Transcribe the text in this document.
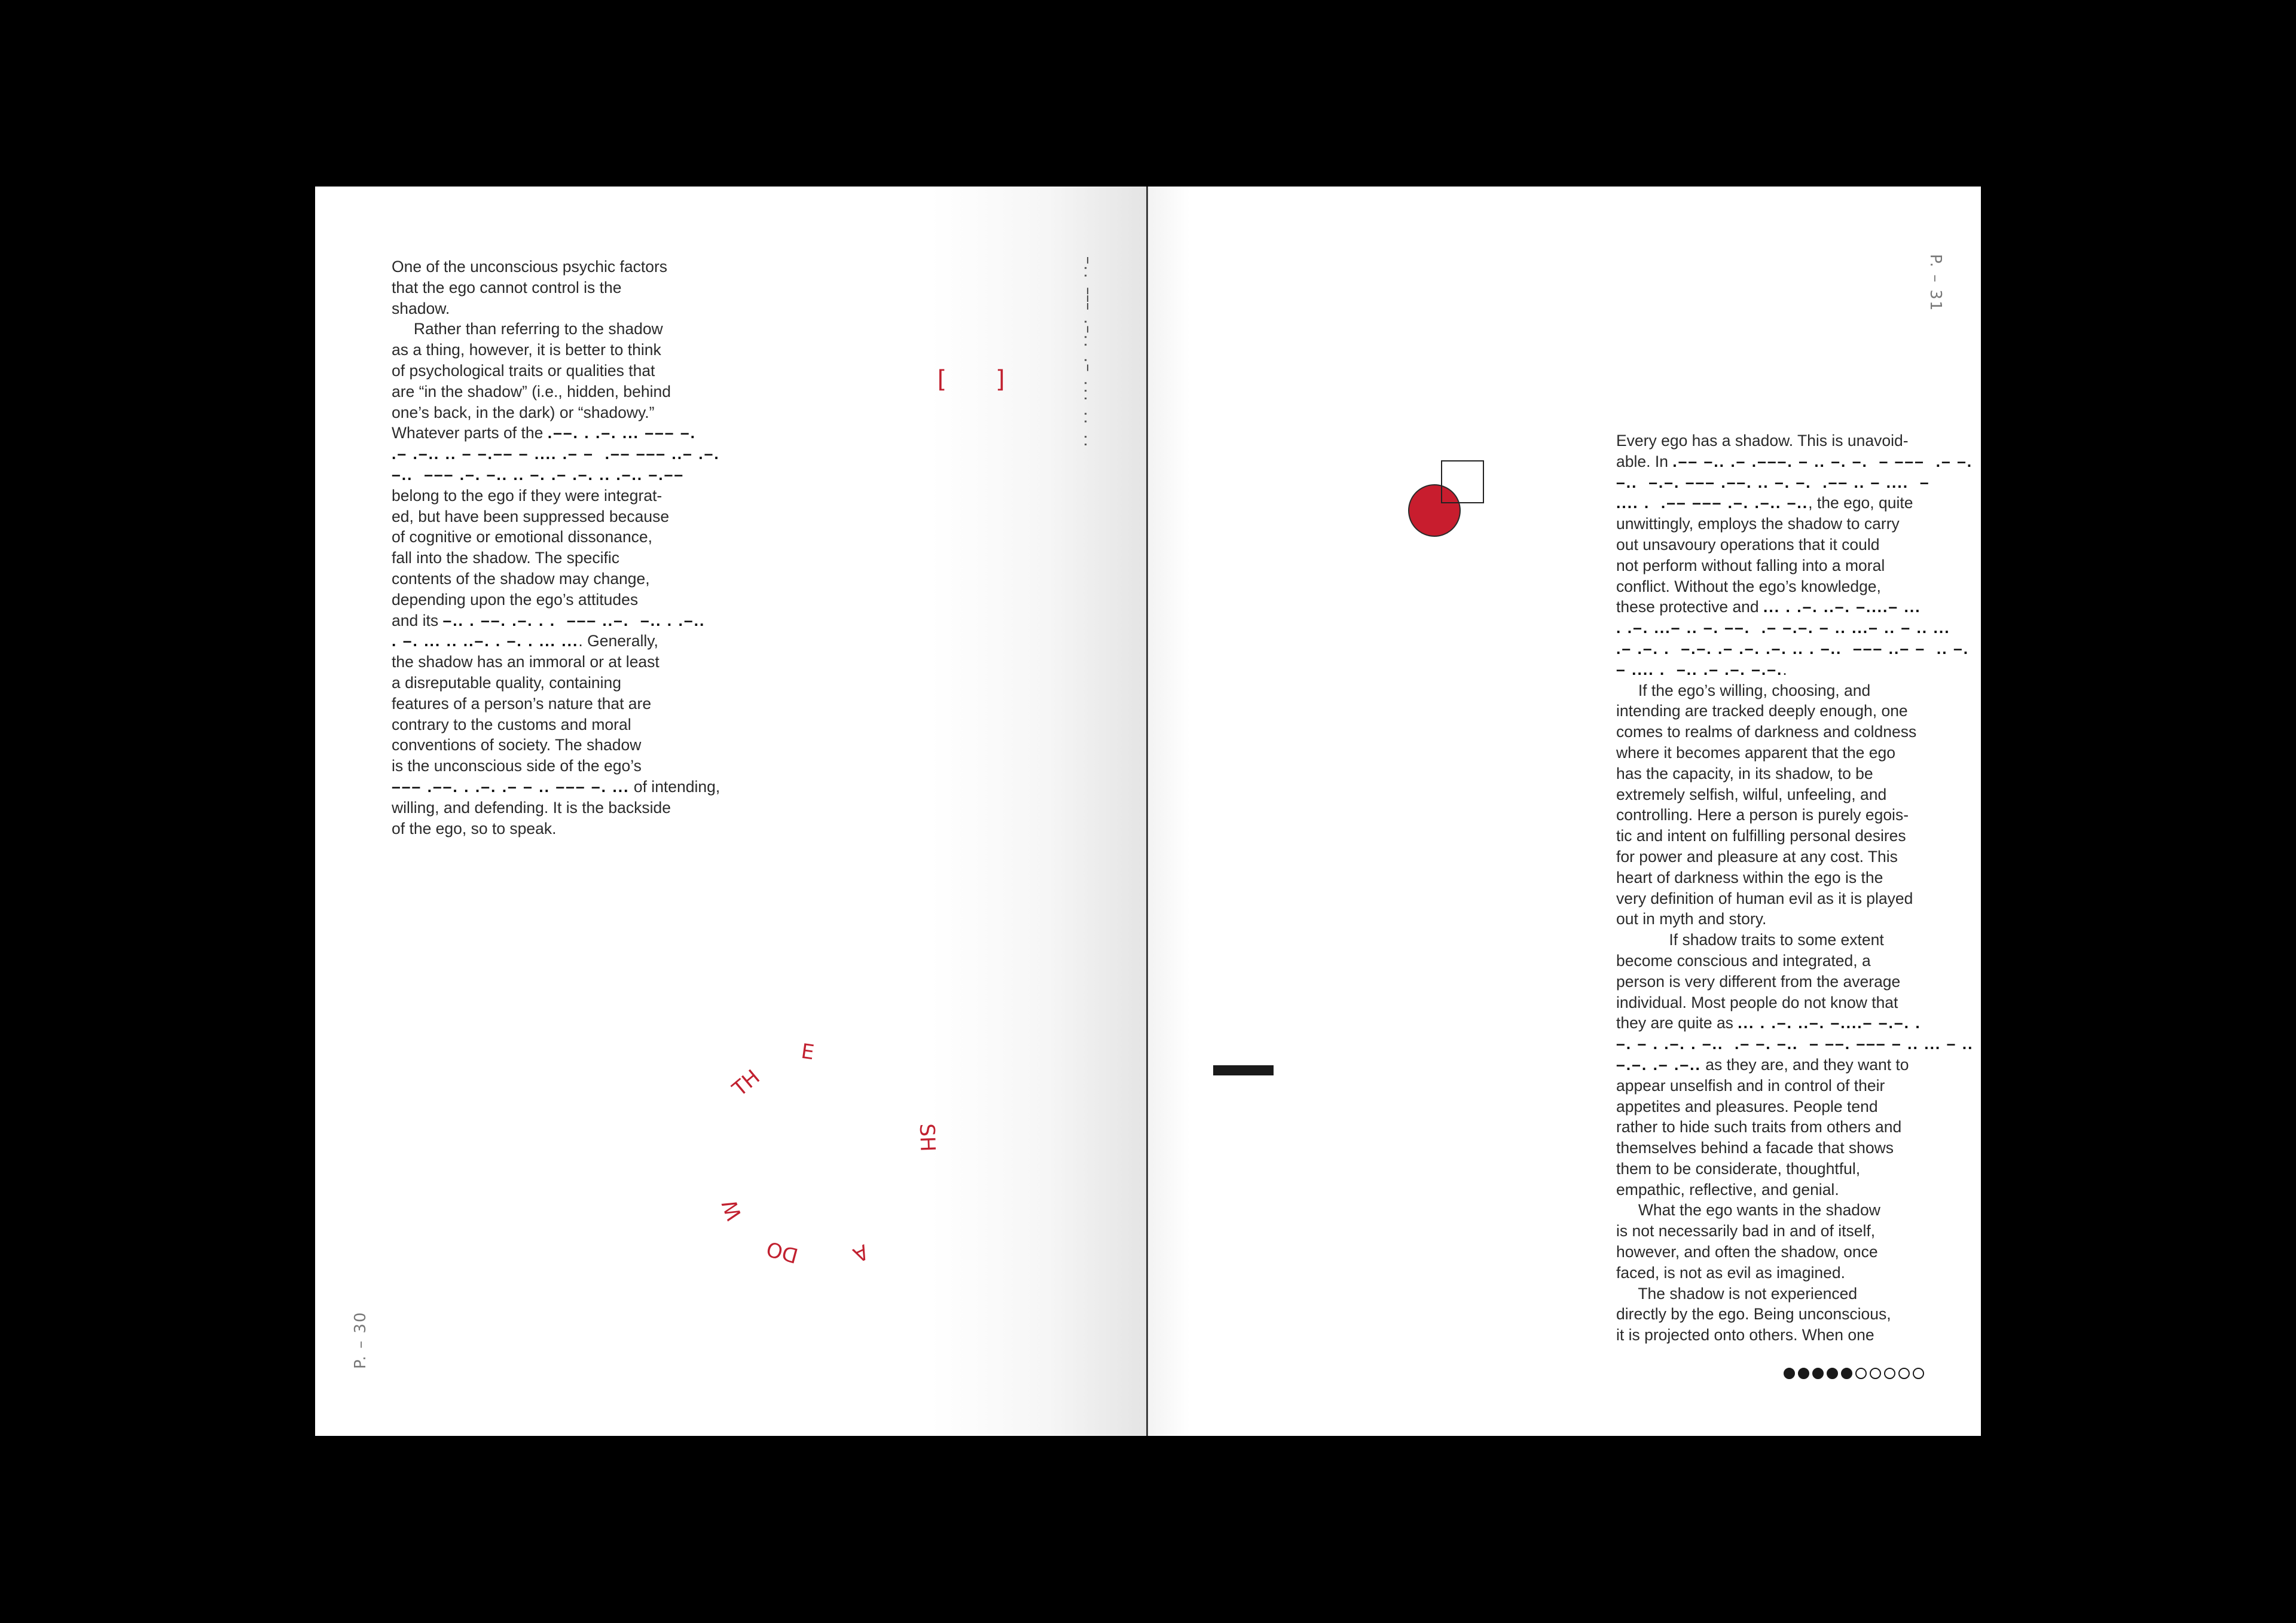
One of the unconscious psychic factors
that the ego cannot control is the
shadow.
Rather than referring to the shadow
as a thing, however, it is better to think
of psychological traits or qualities that
are “in the shadow” (i.e., hidden, behind
one’s back, in the dark) or “shadowy.”
Whatever parts of the .––. . .–. ... ––– –.
.– .–.. .. – –.–– – .... .– –  .–– ––– ..– .–.
–..  ––– .–. –.. .. –. .– .–. .. .–.. –.––
belong to the ego if they were integrat-
ed, but have been suppressed because
of cognitive or emotional dissonance,
fall into the shadow. The specific
contents of the shadow may change,
depending upon the ego’s attitudes
and its –.. . ––. .–. . .  ––– ..–.  –.. . .–..
. –. ... .. ..–. . –. . ... .... Generally,
the shadow has an immoral or at least
a disreputable quality, containing
features of a person’s nature that are
contrary to the customs and moral
conventions of society. The shadow
is the unconscious side of the ego’s
––– .––. . .–. .– – .. ––– –. ... of intending,
willing, and defending. It is the backside
of the ego, so to speak.
–.. ––– .–.. .– ... .. ..
[ ]
E
TH
SH
A
DO
W
P. – 30
P. – 31
Every ego has a shadow. This is unavoid-
able. In .–– –.. .– .–––. – .. –. –.  – –––  .– –.
–..  –.–. ––– .––. .. –. –.  .–– .. – ....  –
.... .  .–– ––– .–. .–.. –.., the ego, quite
unwittingly, employs the shadow to carry
out unsavoury operations that it could
not perform without falling into a moral
conflict. Without the ego’s knowledge,
these protective and ... . .–. ..–. –....– ...
. .–. ...– .. –. ––.  .– –.–. – .. ...– .. – .. ...
.– .–. .  –.–. .– .–. .–. .. . –..  ––– ..– –  .. –.
– .... .  –.. .– .–. –.–..
If the ego’s willing, choosing, and
intending are tracked deeply enough, one
comes to realms of darkness and coldness
where it becomes apparent that the ego
has the capacity, in its shadow, to be
extremely selfish, wilful, unfeeling, and
controlling. Here a person is purely egois-
tic and intent on fulfilling personal desires
for power and pleasure at any cost. This
heart of darkness within the ego is the
very definition of human evil as it is played
out in myth and story.
If shadow traits to some extent
become conscious and integrated, a
person is very different from the average
individual. Most people do not know that
they are quite as ... . .–. ..–. –....– –.–. .
–. – . .–. . –..  .– –. –..  – ––. ––– – .. ... – ..
–.–. .– .–.. as they are, and they want to
appear unselfish and in control of their
appetites and pleasures. People tend
rather to hide such traits from others and
themselves behind a facade that shows
them to be considerate, thoughtful,
empathic, reflective, and genial.
What the ego wants in the shadow
is not necessarily bad in and of itself,
however, and often the shadow, once
faced, is not as evil as imagined.
The shadow is not experienced
directly by the ego. Being unconscious,
it is projected onto others. When one
